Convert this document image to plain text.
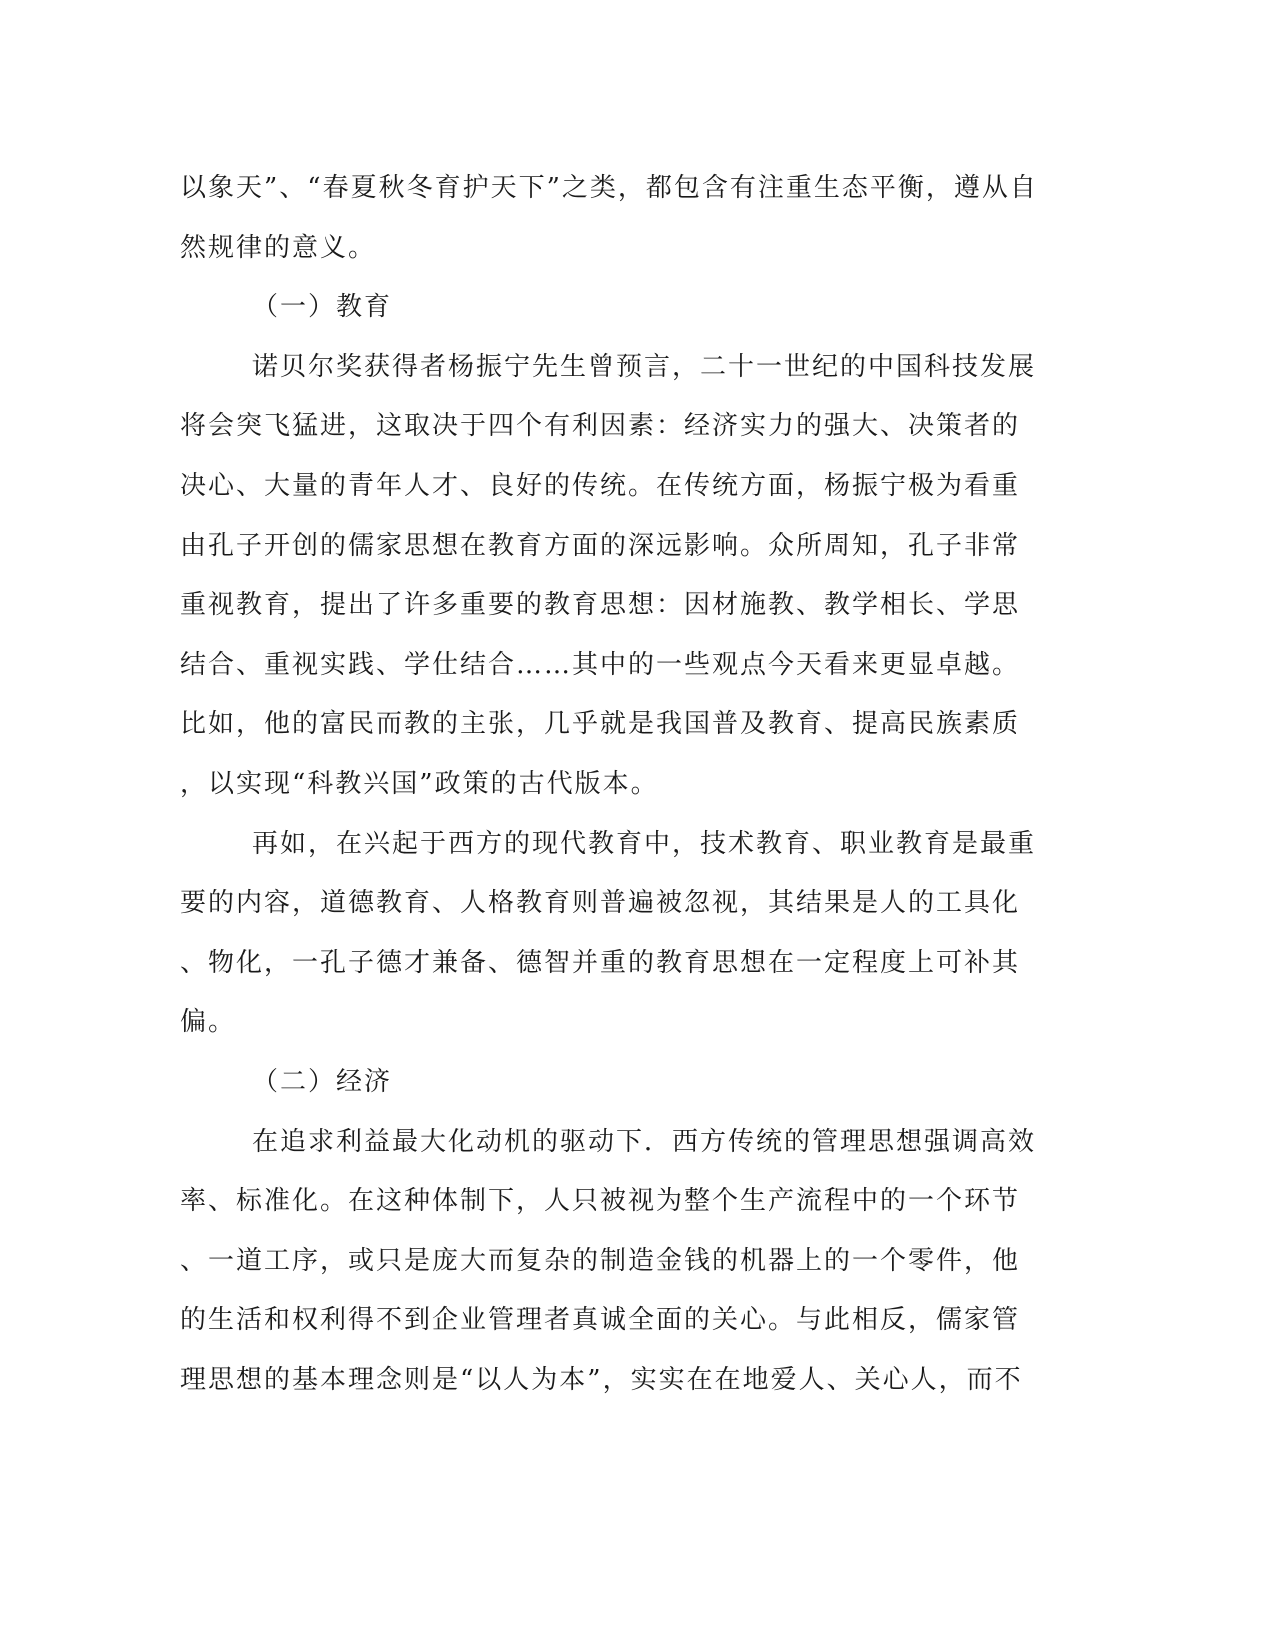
以象天”、“春夏秋冬育护天下”之类，都包含有注重生态平衡，遵从自
然规律的意义。
（一）教育
诺贝尔奖获得者杨振宁先生曾预言，二十一世纪的中国科技发展
将会突飞猛进，这取决于四个有利因素：经济实力的强大、决策者的
决心、大量的青年人才、良好的传统。在传统方面，杨振宁极为看重
由孔子开创的儒家思想在教育方面的深远影响。众所周知，孔子非常
重视教育，提出了许多重要的教育思想：因材施教、教学相长、学思
结合、重视实践、学仕结合……其中的一些观点今天看来更显卓越。
比如，他的富民而教的主张，几乎就是我国普及教育、提高民族素质
，以实现“科教兴国”政策的古代版本。
再如，在兴起于西方的现代教育中，技术教育、职业教育是最重
要的内容，道德教育、人格教育则普遍被忽视，其结果是人的工具化
、物化，一孔子德才兼备、德智并重的教育思想在一定程度上可补其
偏。
（二）经济
在追求利益最大化动机的驱动下．西方传统的管理思想强调高效
率、标准化。在这种体制下，人只被视为整个生产流程中的一个环节
、一道工序，或只是庞大而复杂的制造金钱的机器上的一个零件，他
的生活和权利得不到企业管理者真诚全面的关心。与此相反，儒家管
理思想的基本理念则是“以人为本”，实实在在地爱人、关心人，而不
